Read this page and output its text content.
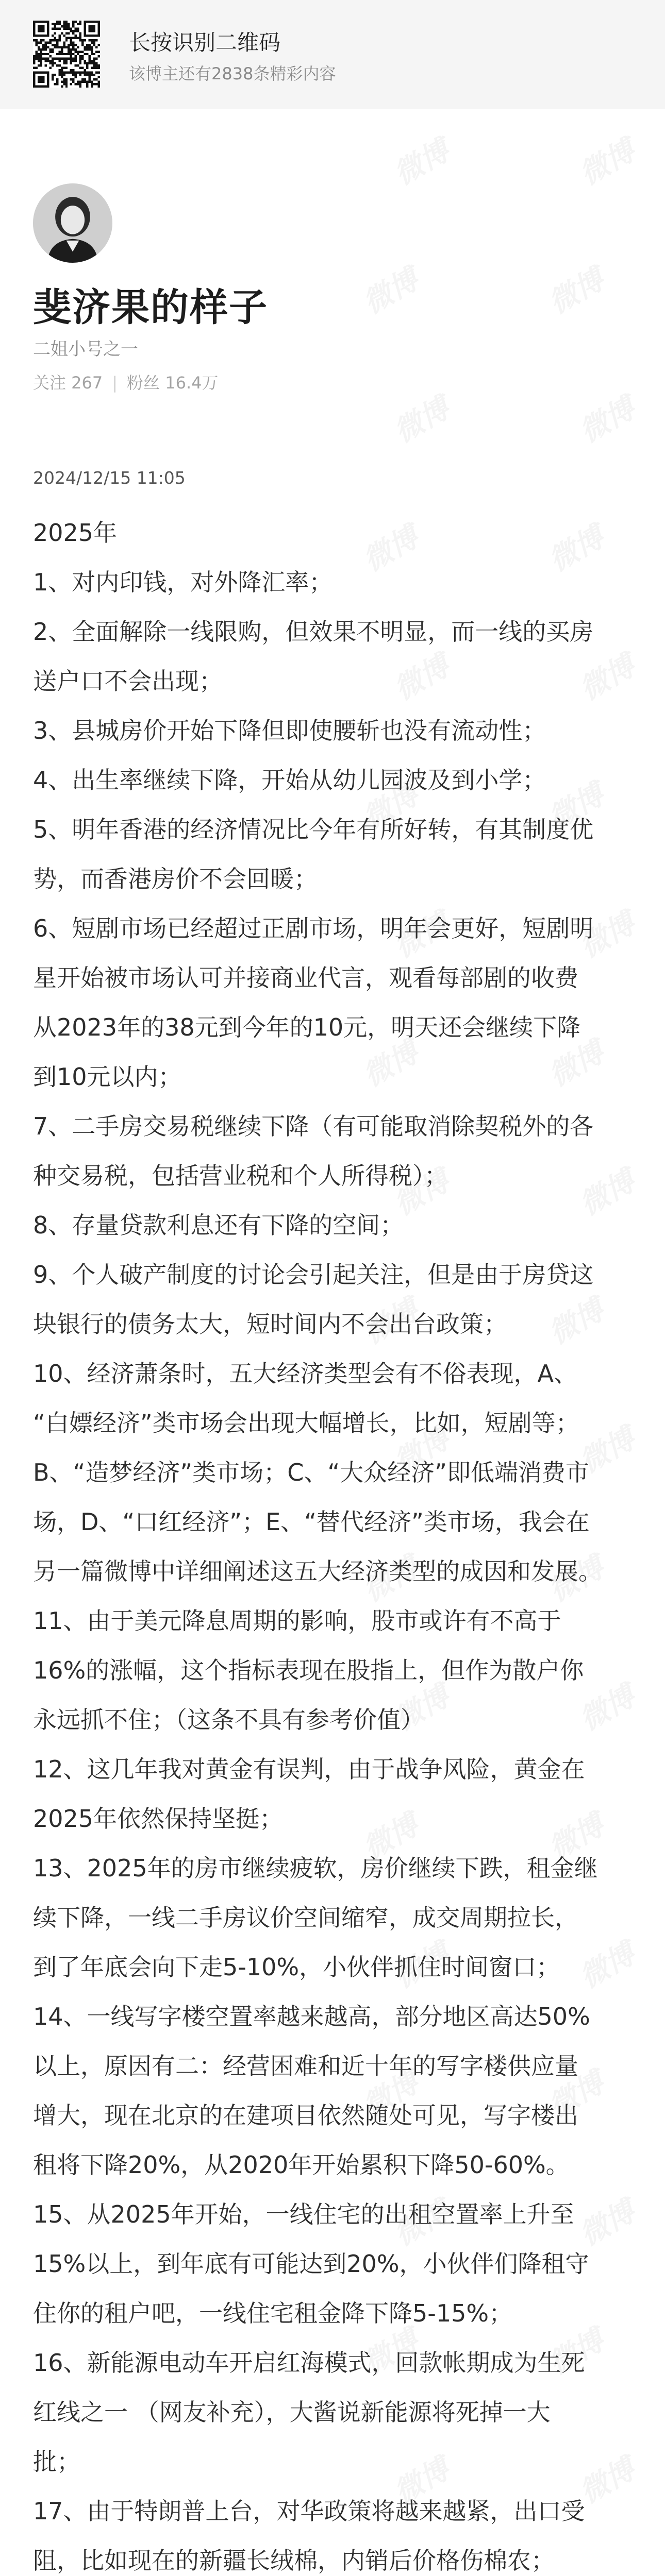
长按识别二维码
该博主还有2838条精彩内容
斐济果的样子
二姐小号之一
关注 267 | 粉丝 16.4万
2024/12/15 11:05

2025年

1、对内印钱，对外降汇率；

2、全面解除一线限购，但效果不明显，而一线的买房

送户口不会出现；

3、县城房价开始下降但即使腰斩也没有流动性；

4、出生率继续下降，开始从幼儿园波及到小学；

5、明年香港的经济情况比今年有所好转，有其制度优

势，而香港房价不会回暖；

6、短剧市场已经超过正剧市场，明年会更好，短剧明

星开始被市场认可并接商业代言，观看每部剧的收费

从2023年的38元到今年的10元，明天还会继续下降

到10元以内；

7、二手房交易税继续下降（有可能取消除契税外的各

种交易税，包括营业税和个人所得税）；

8、存量贷款利息还有下降的空间；

9、个人破产制度的讨论会引起关注，但是由于房贷这

块银行的债务太大，短时间内不会出台政策；

10、经济萧条时，五大经济类型会有不俗表现，A、

“白嫖经济”类市场会出现大幅增长，比如，短剧等；

B、“造梦经济”类市场；C、“大众经济”即低端消费市

场，D、“口红经济”；E、“替代经济”类市场，我会在

另一篇微博中详细阐述这五大经济类型的成因和发展。

11、由于美元降息周期的影响，股市或许有不高于

16%的涨幅，这个指标表现在股指上，但作为散户你

永远抓不住；（这条不具有参考价值）

12、这几年我对黄金有误判，由于战争风险，黄金在

2025年依然保持坚挺；

13、2025年的房市继续疲软，房价继续下跌，租金继

续下降，一线二手房议价空间缩窄，成交周期拉长，

到了年底会向下走5-10%，小伙伴抓住时间窗口；

14、一线写字楼空置率越来越高，部分地区高达50%

以上，原因有二：经营困难和近十年的写字楼供应量

增大，现在北京的在建项目依然随处可见，写字楼出

租将下降20%，从2020年开始累积下降50-60%。

15、从2025年开始，一线住宅的出租空置率上升至

15%以上，到年底有可能达到20%，小伙伴们降租守

住你的租户吧，一线住宅租金降下降5-15%；

16、新能源电动车开启红海模式，回款帐期成为生死

红线之一 （网友补充），大酱说新能源将死掉一大

批；

17、由于特朗普上台，对华政策将越来越紧，出口受

阻，比如现在的新疆长绒棉，内销后价格伤棉农；
